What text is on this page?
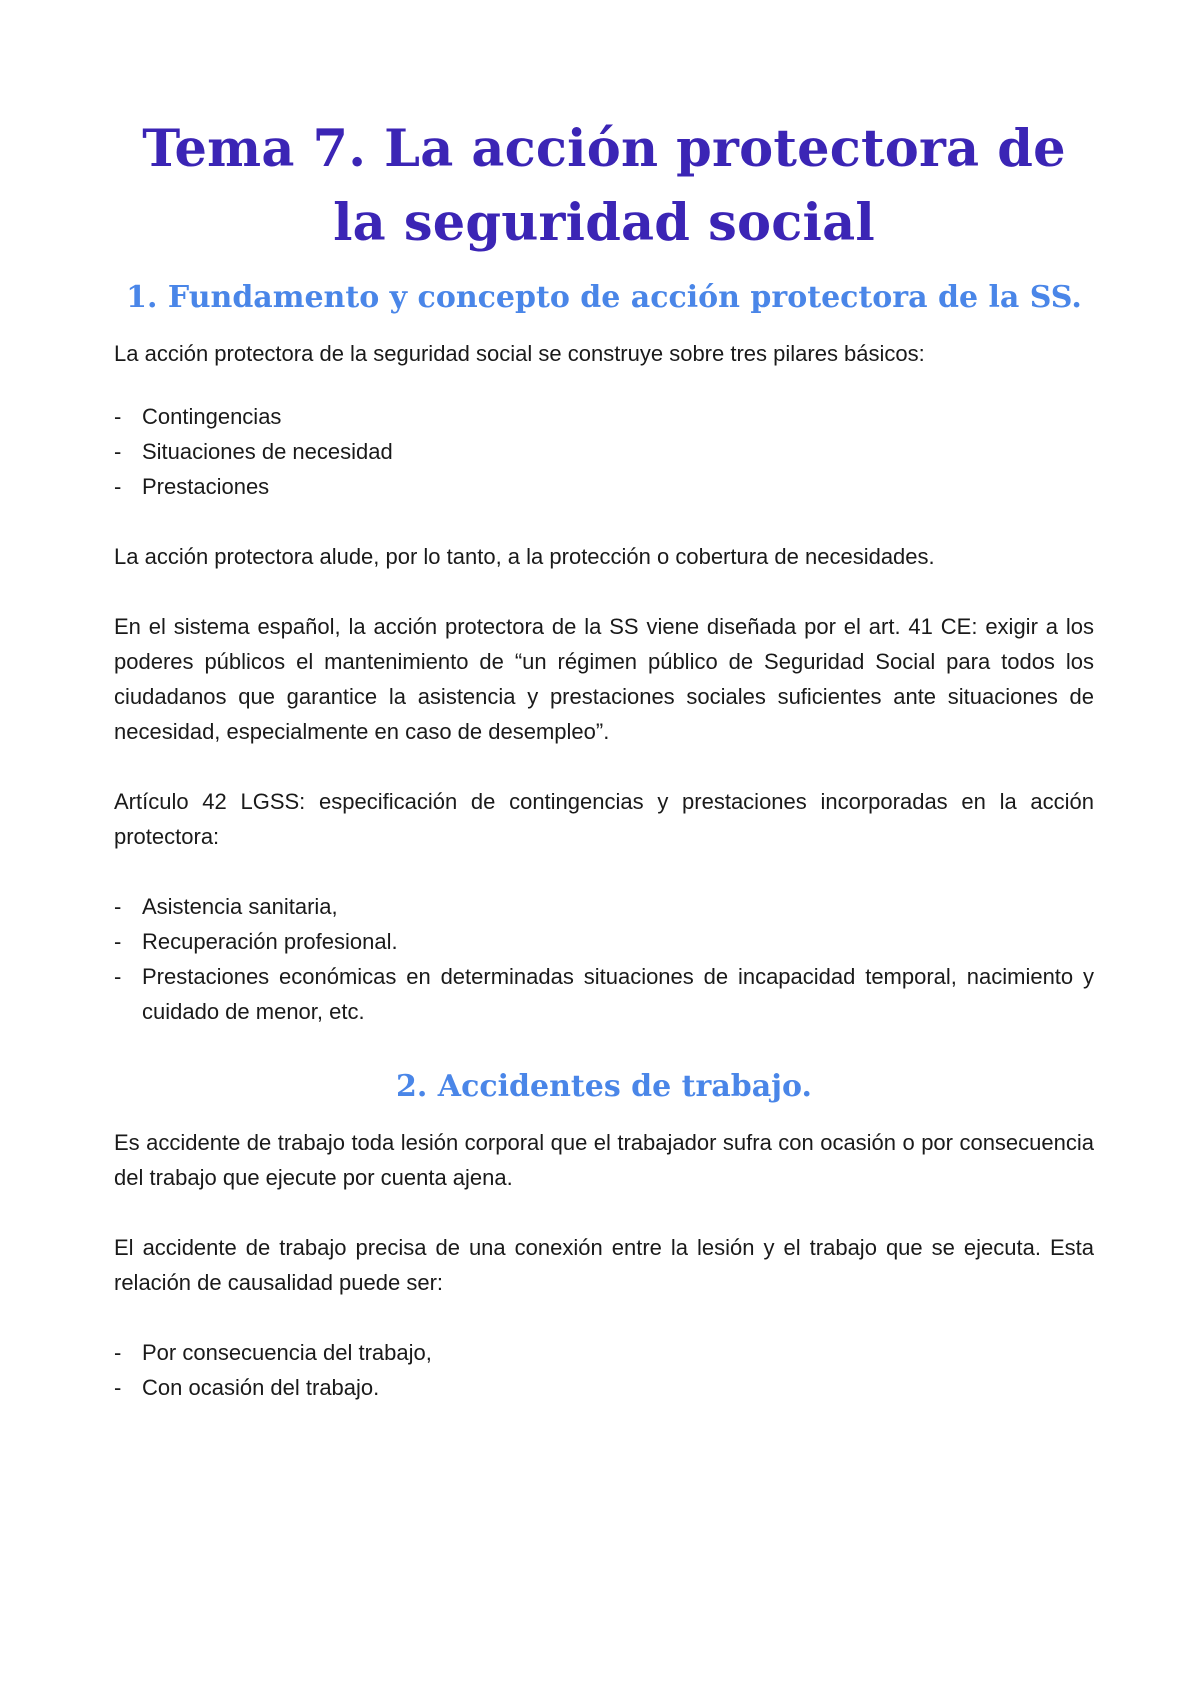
Tema 7. La acción protectora de la seguridad social
1. Fundamento y concepto de acción protectora de la SS.

La acción protectora de la seguridad social se construye sobre tres pilares básicos:

- Contingencias
- Situaciones de necesidad
- Prestaciones

La acción protectora alude, por lo tanto, a la protección o cobertura de necesidades.

En el sistema español, la acción protectora de la SS viene diseñada por el art. 41 CE: exigir a los poderes públicos el mantenimiento de “un régimen público de Seguridad Social para todos los ciudadanos que garantice la asistencia y prestaciones sociales suficientes ante situaciones de necesidad, especialmente en caso de desempleo”.

Artículo 42 LGSS: especificación de contingencias y prestaciones incorporadas en la acción protectora:

- Asistencia sanitaria,
- Recuperación profesional.
- Prestaciones económicas en determinadas situaciones de incapacidad temporal, nacimiento y cuidado de menor, etc.
2. Accidentes de trabajo.

Es accidente de trabajo toda lesión corporal que el trabajador sufra con ocasión o por consecuencia del trabajo que ejecute por cuenta ajena.

El accidente de trabajo precisa de una conexión entre la lesión y el trabajo que se ejecuta. Esta relación de causalidad puede ser:

- Por consecuencia del trabajo,
- Con ocasión del trabajo.
